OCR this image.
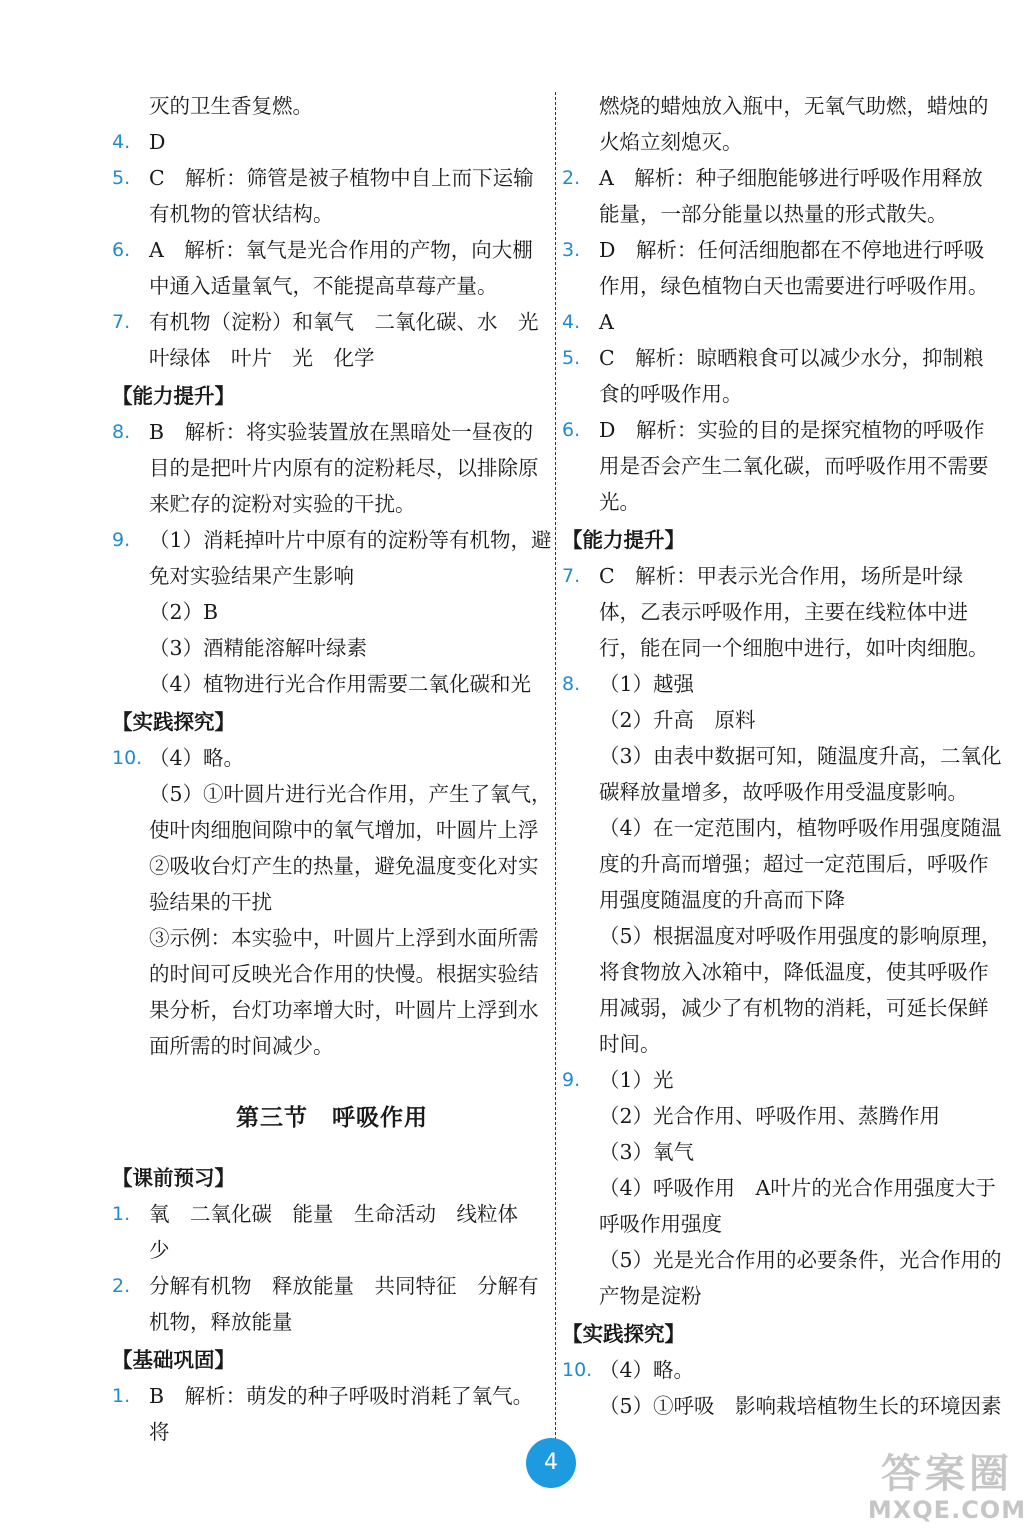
灭的卫生香复燃。
4. D
5. C　解析：筛管是被子植物中自上而下运输有机物的管状结构。
6. A　解析：氧气是光合作用的产物，向大棚中通入适量氧气，不能提高草莓产量。
7. 有机物（淀粉）和氧气　二氧化碳、水　光　叶绿体　叶片　光　化学
【能力提升】
8. B　解析：将实验装置放在黑暗处一昼夜的目的是把叶片内原有的淀粉耗尽，以排除原来贮存的淀粉对实验的干扰。
9. （1）消耗掉叶片中原有的淀粉等有机物，避免对实验结果产生影响
（2）B
（3）酒精能溶解叶绿素
（4）植物进行光合作用需要二氧化碳和光
【实践探究】
10. （4）略。
（5）①叶圆片进行光合作用，产生了氧气，使叶肉细胞间隙中的氧气增加，叶圆片上浮
②吸收台灯产生的热量，避免温度变化对实验结果的干扰
③示例：本实验中，叶圆片上浮到水面所需的时间可反映光合作用的快慢。根据实验结果分析，台灯功率增大时，叶圆片上浮到水面所需的时间减少。
第三节　呼吸作用
【课前预习】
1. 氧　二氧化碳　能量　生命活动　线粒体　少
2. 分解有机物　释放能量　共同特征　分解有机物，释放能量
【基础巩固】
1. B　解析：萌发的种子呼吸时消耗了氧气。将
燃烧的蜡烛放入瓶中，无氧气助燃，蜡烛的火焰立刻熄灭。
2. A　解析：种子细胞能够进行呼吸作用释放能量，一部分能量以热量的形式散失。
3. D　解析：任何活细胞都在不停地进行呼吸作用，绿色植物白天也需要进行呼吸作用。
4. A
5. C　解析：晾晒粮食可以减少水分，抑制粮食的呼吸作用。
6. D　解析：实验的目的是探究植物的呼吸作用是否会产生二氧化碳，而呼吸作用不需要光。
【能力提升】
7. C　解析：甲表示光合作用，场所是叶绿体，乙表示呼吸作用，主要在线粒体中进行，能在同一个细胞中进行，如叶肉细胞。
8. （1）越强
（2）升高　原料
（3）由表中数据可知，随温度升高，二氧化碳释放量增多，故呼吸作用受温度影响。
（4）在一定范围内，植物呼吸作用强度随温度的升高而增强；超过一定范围后，呼吸作用强度随温度的升高而下降
（5）根据温度对呼吸作用强度的影响原理，将食物放入冰箱中，降低温度，使其呼吸作用减弱，减少了有机物的消耗，可延长保鲜时间。
9. （1）光
（2）光合作用、呼吸作用、蒸腾作用
（3）氧气
（4）呼吸作用　A叶片的光合作用强度大于呼吸作用强度
（5）光是光合作用的必要条件，光合作用的产物是淀粉
【实践探究】
10. （4）略。
（5）①呼吸　影响栽培植物生长的环境因素
4	答案圈
MXQE.COM
